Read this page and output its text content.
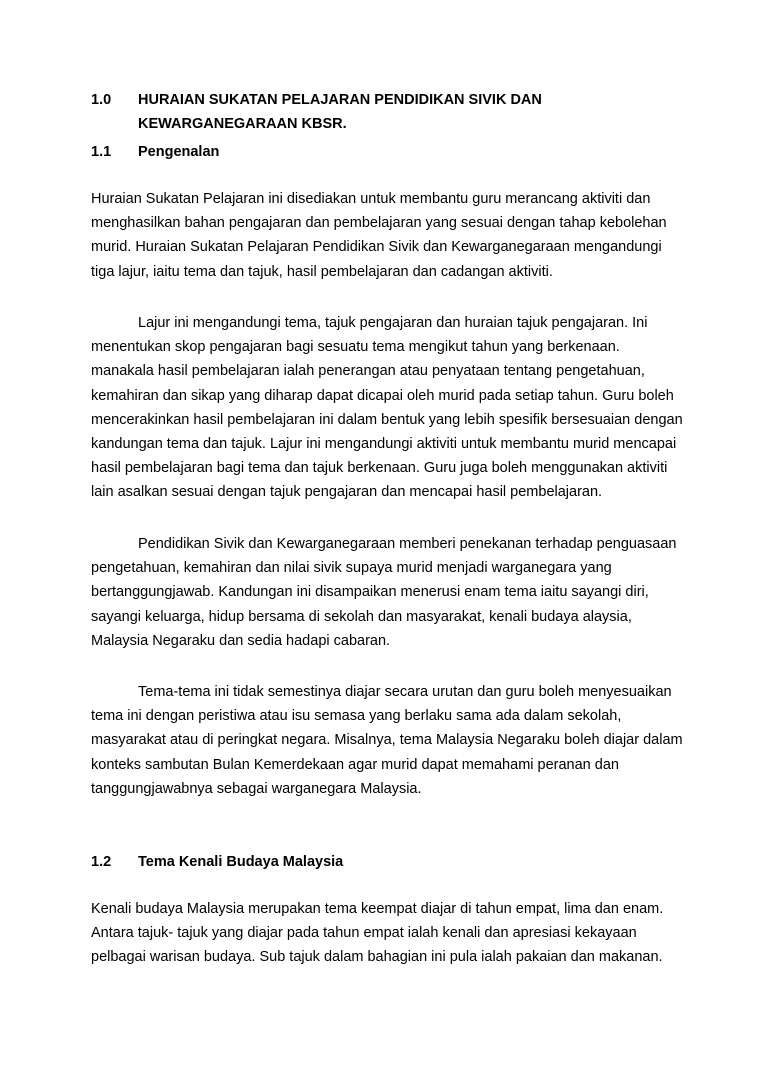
1.0 HURAIAN SUKATAN PELAJARAN PENDIDIKAN SIVIK DAN
KEWARGANEGARAAN KBSR.
1.1 Pengenalan
Huraian Sukatan Pelajaran ini disediakan untuk membantu guru merancang aktiviti dan
menghasilkan bahan pengajaran dan pembelajaran yang sesuai dengan tahap kebolehan
murid. Huraian Sukatan Pelajaran Pendidikan Sivik dan Kewarganegaraan mengandungi
tiga lajur, iaitu tema dan tajuk, hasil pembelajaran dan cadangan aktiviti.
Lajur ini mengandungi tema, tajuk pengajaran dan huraian tajuk pengajaran. Ini
menentukan skop pengajaran bagi sesuatu tema mengikut tahun yang berkenaan.
manakala hasil pembelajaran ialah penerangan atau penyataan tentang pengetahuan,
kemahiran dan sikap yang diharap dapat dicapai oleh murid pada setiap tahun. Guru boleh
mencerakinkan hasil pembelajaran ini dalam bentuk yang lebih spesifik bersesuaian dengan
kandungan tema dan tajuk. Lajur ini mengandungi aktiviti untuk membantu murid mencapai
hasil pembelajaran bagi tema dan tajuk berkenaan. Guru juga boleh menggunakan aktiviti
lain asalkan sesuai dengan tajuk pengajaran dan mencapai hasil pembelajaran.
Pendidikan Sivik dan Kewarganegaraan memberi penekanan terhadap penguasaan
pengetahuan, kemahiran dan nilai sivik supaya murid menjadi warganegara yang
bertanggungjawab. Kandungan ini disampaikan menerusi enam tema iaitu sayangi diri,
sayangi keluarga, hidup bersama di sekolah dan masyarakat, kenali budaya alaysia,
Malaysia Negaraku dan sedia hadapi cabaran.
Tema-tema ini tidak semestinya diajar secara urutan dan guru boleh menyesuaikan
tema ini dengan peristiwa atau isu semasa yang berlaku sama ada dalam sekolah,
masyarakat atau di peringkat negara. Misalnya, tema Malaysia Negaraku boleh diajar dalam
konteks sambutan Bulan Kemerdekaan agar murid dapat memahami peranan dan
tanggungjawabnya sebagai warganegara Malaysia.
1.2 Tema Kenali Budaya Malaysia
Kenali budaya Malaysia merupakan tema keempat diajar di tahun empat, lima dan enam.
Antara tajuk- tajuk yang diajar pada tahun empat ialah kenali dan apresiasi kekayaan
pelbagai warisan budaya. Sub tajuk dalam bahagian ini pula ialah pakaian dan makanan.
